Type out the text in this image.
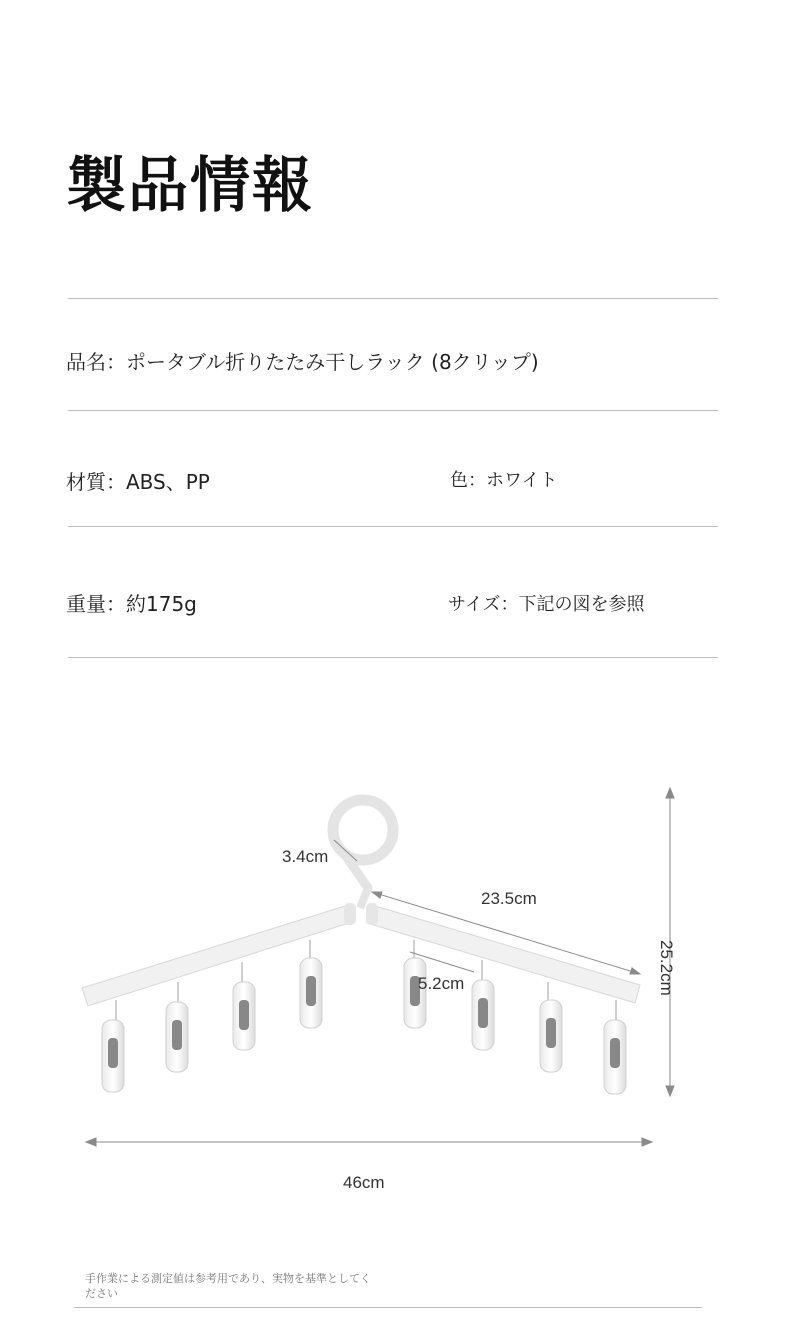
製品情報
品名：ポータブル折りたたみ干しラック (8クリップ)
材質：ABS、PP	色：ホワイト
重量：約175g	サイズ：下記の図を参照
3.4cm
23.5cm
5.2cm	25.2cm
46cm
手作業による測定値は参考用であり、実物を基準としてください
